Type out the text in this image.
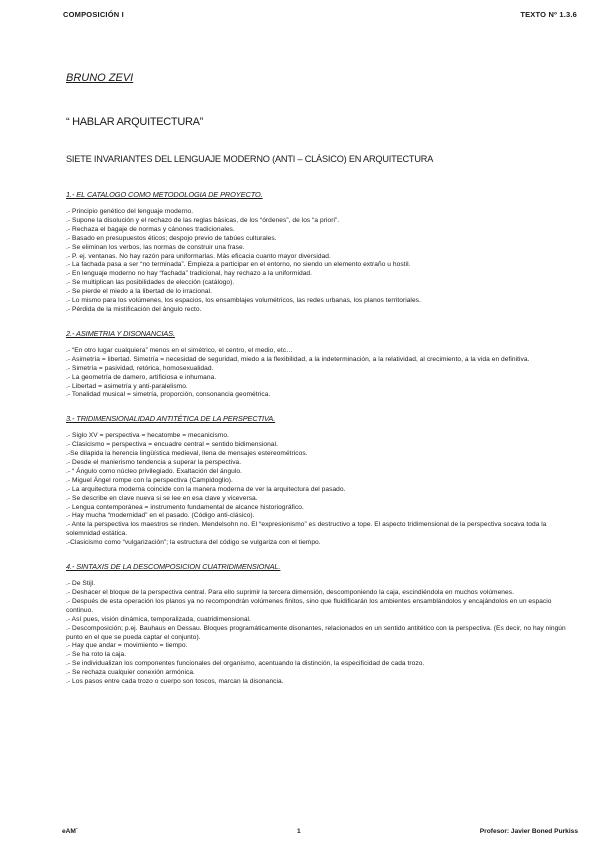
COMPOSICIÓN I	TEXTO Nº 1.3.6
BRUNO ZEVI
“ HABLAR ARQUITECTURA”
SIETE INVARIANTES DEL LENGUAJE MODERNO (ANTI – CLÁSICO) EN ARQUITECTURA

1.- EL CATALOGO COMO METODOLOGIA DE PROYECTO.

.- Principio genético del lenguaje moderno.

.- Supone la disolución y el rechazo de las reglas básicas, de los “órdenes”, de los “a priori”.

.- Rechaza el bagaje de normas y cánones tradicionales.

.- Basado en presupuestos éticos; despojo previo de tabúes culturales.

.- Se eliminan los verbos, las normas de construir una frase.

.- P. ej. ventanas. No hay razón para uniformarlas. Más eficacia cuanto mayor diversidad.

.- La fachada pasa a ser “no terminada”. Empieza a participar en el entorno, no siendo un elemento extraño u hostil.

.- En lenguaje moderno no hay “fachada” tradicional, hay rechazo a la uniformidad.

.- Se multiplican las posibilidades de elección (catálogo).

.- Se pierde el miedo a la libertad de lo irracional.

.- Lo mismo para los volúmenes, los espacios, los ensamblajes volumétricos, las redes urbanas, los planos territoriales.

.- Pérdida de la mistificación del ángulo recto.

2.- ASIMETRIA Y DISONANCIAS.

.- “En otro lugar cualquiera” menos en el simétrico, el centro, el medio, etc…

.- Asimetría = libertad. Simetría = necesidad de seguridad, miedo a la flexibilidad, a la indeterminación, a la relatividad, al crecimiento, a la vida en definitiva.

.- Simetría = pasividad, retórica, homosexualidad.

.- La geometría de damero, artificiosa e inhumana.

.- Libertad = asimetría y anti-paralelismo.

.- Tonalidad musical = simetría, proporción, consonancia geométrica.

3.- TRIDIMENSIONALIDAD ANTITÉTICA DE LA PERSPECTIVA.

.- Siglo XV = perspectiva = hecatombe = mecanicismo.

.- Clasicismo = perspectiva = encuadre central = sentido bidimensional.

.-Se dilapida la herencia lingüística medieval, llena de mensajes estereométricos.

.- Desde el manierismo tendencia a superar la perspectiva.

.- “ Ángulo como núcleo privilegiado. Exaltación del ángulo.

.- Miguel Ángel rompe con la perspectiva (Campidoglio).

.- La arquitectura moderna coincide con la manera moderna de ver la arquitectura del pasado.

.- Se describe en clave nueva si se lee en esa clave y viceversa.

.- Lengua contemporánea = instrumento fundamental de alcance historiográfico.

.- Hay mucha “modernidad” en el pasado. (Código anti-clásico).

.- Ante la perspectiva los maestros se rinden. Mendelsohn no. El “expresionismo” es destructivo a tope. El aspecto tridimensional de la perspectiva socava toda la solemnidad estática.

.-Clasicismo como “vulgarización”; la estructura del código se vulgariza con el tiempo.

4.- SINTAXIS DE LA DESCOMPOSICION CUATRIDIMENSIONAL.

.- De Stijl.

.- Deshacer el bloque de la perspectiva central. Para ello suprimir la tercera dimensión, descomponiendo la caja, escindiéndola en muchos volúmenes.

.- Después de esta operación los planos ya no recompondrán volúmenes finitos, sino que fluidificarán los ambientes ensamblándolos y encajándolos en un espacio continuo.

.- Así pues, visión dinámica, temporalizada, cuatridimensional.

.- Descomposición; p.ej. Bauhaus en Dessau. Bloques programáticamente disonantes, relacionados en un sentido antitético con la perspectiva. (Es decir, no hay ningún punto en el que se pueda captar el conjunto).

.- Hay que andar = movimiento = tiempo.

.- Se ha roto la caja.

.- Se individualizan los componentes funcionales del organismo, acentuando la distinción, la especificidad de cada trozo.

.- Se rechaza cualquier conexión armónica.

.- Los pasos entre cada trozo o cuerpo son toscos, marcan la disonancia.

eAM´	1	Profesor: Javier Boned Purkiss
